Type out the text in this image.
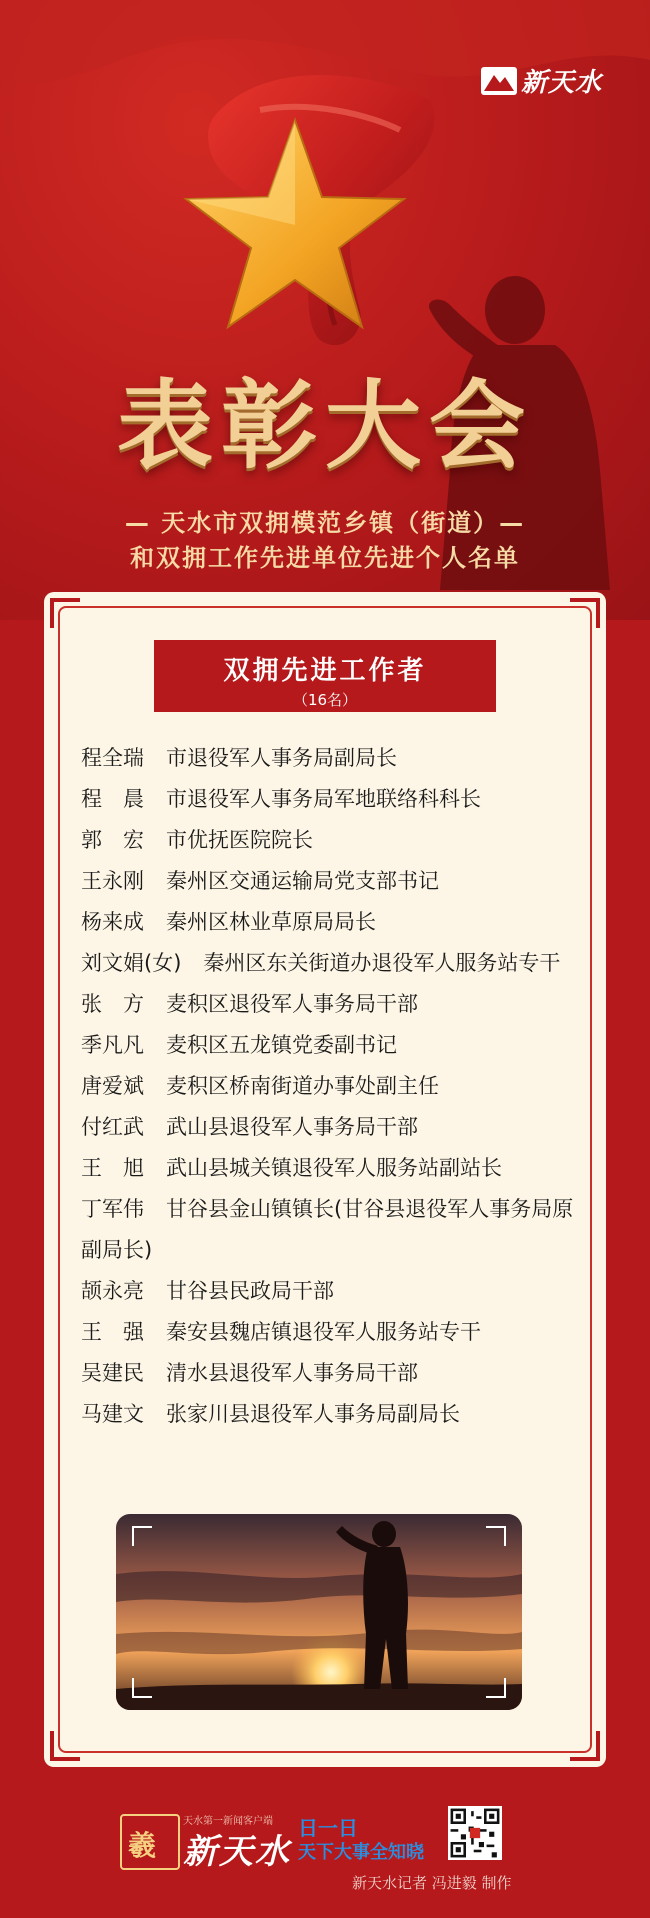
新天水
表彰大会
— 天水市双拥模范乡镇（街道）—
和双拥工作先进单位先进个人名单
双拥先进工作者
（16名）
程全瑞 市退役军人事务局副局长
程　晨 市退役军人事务局军地联络科科长
郭　宏 市优抚医院院长
王永刚 秦州区交通运输局党支部书记
杨来成 秦州区林业草原局局长
刘文娟(女) 秦州区东关街道办退役军人服务站专干
张　方 麦积区退役军人事务局干部
季凡凡 麦积区五龙镇党委副书记
唐爱斌 麦积区桥南街道办事处副主任
付红武 武山县退役军人事务局干部
王　旭 武山县城关镇退役军人服务站副站长
丁军伟 甘谷县金山镇镇长(甘谷县退役军人事务局原副局长)
颉永亮 甘谷县民政局干部
王　强 秦安县魏店镇退役军人服务站专干
吴建民 清水县退役军人事务局干部
马建文 张家川县退役军人事务局副局长
羲
天水第一新闻客户端
新天水
日一日
天下大事全知晓
新天水记者 冯进毅 制作
